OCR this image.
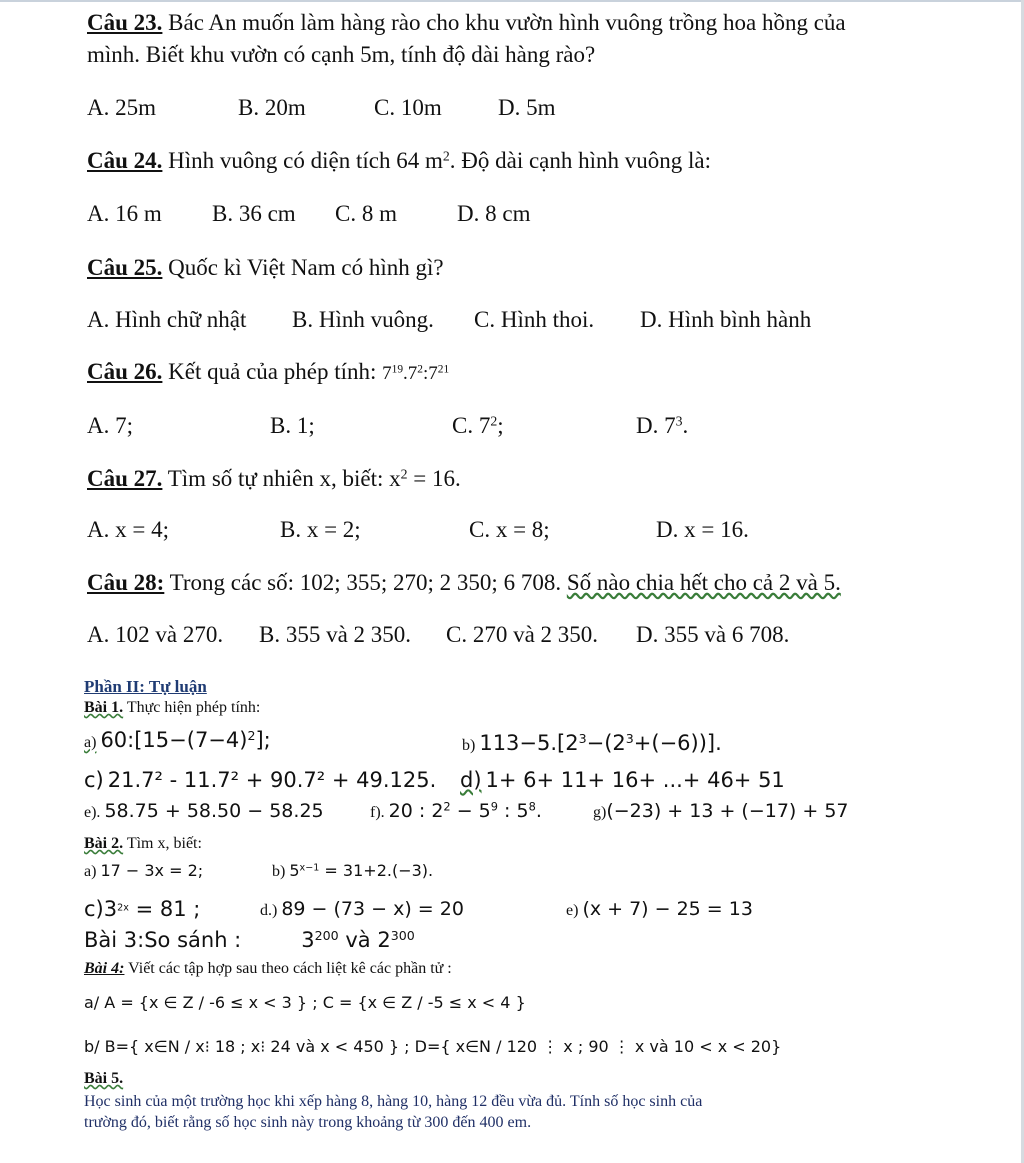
Câu 23. Bác An muốn làm hàng rào cho khu vườn hình vuông trồng hoa hồng của
mình. Biết khu vườn có cạnh 5m, tính độ dài hàng rào?
A. 25m	B. 20m	C. 10m D. 5m
Câu 24. Hình vuông có diện tích 64 $m^2$. Độ dài cạnh hình vuông là:
A. 16 m B. 36 cm C. 8 m	D. 8 cm
Câu 25. Quốc kì Việt Nam có hình gì?
A. Hình chữ nhật B. Hình vuông. C. Hình thoi. D. Hình bình hành
Câu 26. Kết quả của phép tính: $7^{19}.7^2:7^{21}$
A. 7;	B. 1;	C. $7^2$;	D. $7^3$.
Câu 27. Tìm số tự nhiên x, biết: $x^2 = 16$.
A. x = 4;	B. x = 2;	C. x = 8;	D. x = 16.
Câu 28: Trong các số: 102; 355; 270; 2 350; 6 708. Số nào chia hết cho cả 2 và 5.
A. 102 và 270. B. 355 và 2 350. C. 270 và 2 350. D. 355 và 6 708.
Phần II: Tự luận
Bài 1. Thực hiện phép tính:
a) $60:[15-(7-4)^2]$;	b) $113-5.[2^3-(2^3+(-6))]$.
c) 21.7² - 11.7² + 90.7² + 49.125. d) 1+ 6+ 11+ 16+ ...+ 46+ 51
e). 58.75 + 58.50 − 58.25	f). 20 : $2^2 - 5^9$ : $5^8$.	g)(−23) + 13 + (−17) + 57
Bài 2. Tìm x, biết:
a) 17 − 3x = 2;	b) $5^{x-1} = 31+2.(-3)$.
$c)3^{2x} = 81$ ;	d.) 89 − (73 − x) = 20	e) (x + 7) − 25 = 13
Bài 3:So sánh :	$3^{200}$ và $2^{300}$
Bài 4: Viết các tập hợp sau theo cách liệt kê các phần tử :
a/ A = {x ∈ Z / -6 ≤ x < 3 } ; C = {x ∈ Z / -5 ≤ x < 4 }
b/ B={ x∈N / x⁝ 18 ; x⁝ 24 và x < 450 } ; D={ x∈N / 120 ⋮ x ; 90 ⋮ x và 10 < x < 20}
Bài 5.
Học sinh của một trường học khi xếp hàng 8, hàng 10, hàng 12 đều vừa đủ. Tính số học sinh của
trường đó, biết rằng số học sinh này trong khoảng từ 300 đến 400 em.
